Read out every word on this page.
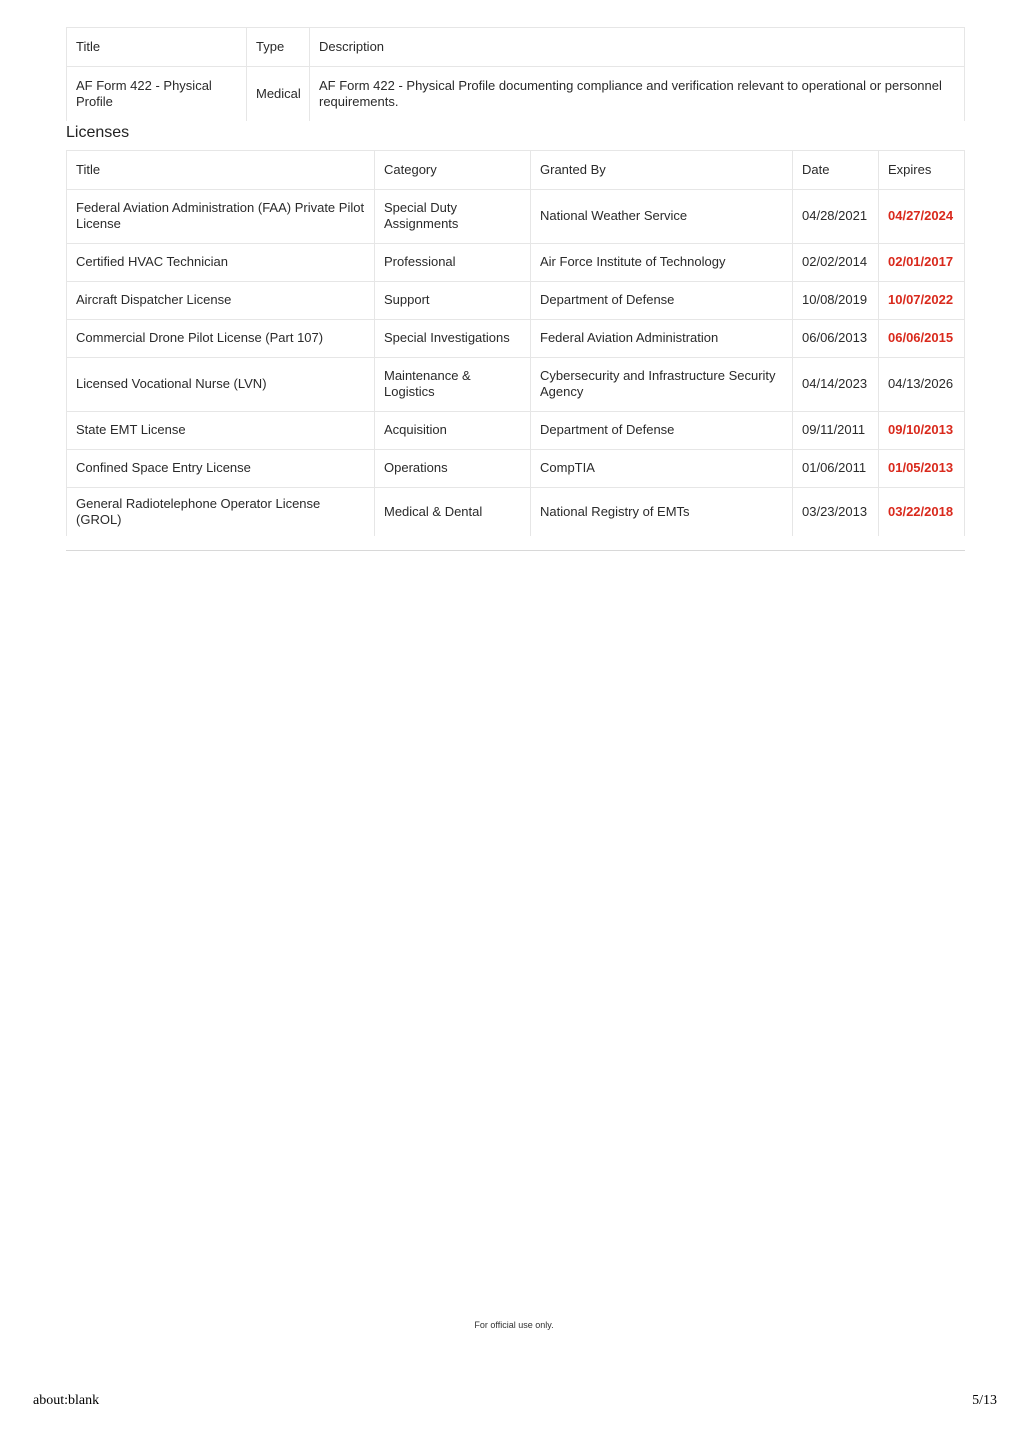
Title	Type	Description
AF Form 422 - Physical Profile	Medical	AF Form 422 - Physical Profile documenting compliance and verification relevant to operational or personnel requirements.
Licenses
Title	Category	Granted By	Date	Expires
Federal Aviation Administration (FAA) Private Pilot License	Special Duty Assignments	National Weather Service	04/28/2021	04/27/2024
Certified HVAC Technician	Professional	Air Force Institute of Technology	02/02/2014	02/01/2017
Aircraft Dispatcher License	Support	Department of Defense	10/08/2019	10/07/2022
Commercial Drone Pilot License (Part 107)	Special Investigations	Federal Aviation Administration	06/06/2013	06/06/2015
Licensed Vocational Nurse (LVN)	Maintenance & Logistics	Cybersecurity and Infrastructure Security Agency	04/14/2023	04/13/2026
State EMT License	Acquisition	Department of Defense	09/11/2011	09/10/2013
Confined Space Entry License	Operations	CompTIA	01/06/2011	01/05/2013
General Radiotelephone Operator License (GROL)	Medical & Dental	National Registry of EMTs	03/23/2013	03/22/2018
For official use only.
about:blank	5/13
